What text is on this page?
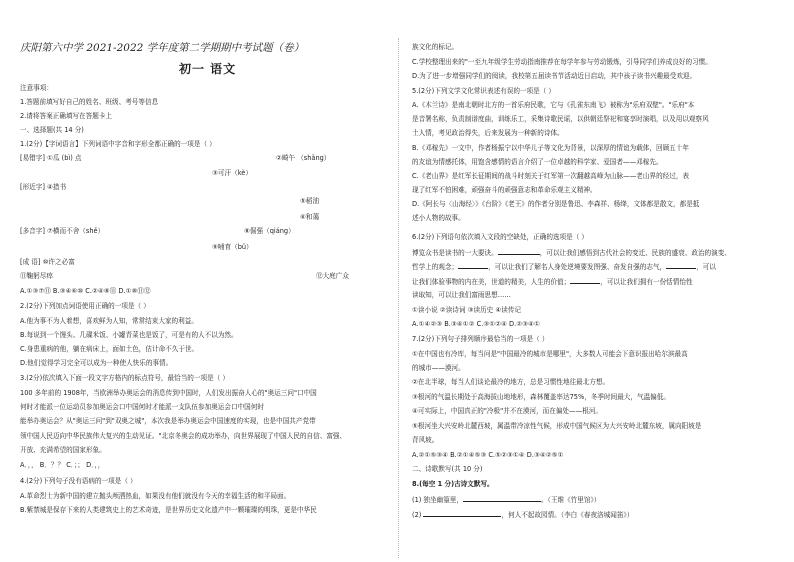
庆阳第六中学 2021-2022 学年度第二学期期中考试题（卷）
初一 语文
注意事项：
1.答题前填写好自己的姓名、班级、考号等信息
2.请将答案正确填写在答题卡上
一、选择题(共 14 分)
1.(2分)【字词语言】下列词语中字音和字形全都正确的一项是（ ）
[易错字] ①瓜 ⁠(bì) 点	②畸午 （shǎng）
③可汗（kè）
[形近字] ④措书
⑤稻油
⑥和蔼
[多音字] ⑦横而不舍（shě）	⑧倔强（qiáng）
⑨哺育（bǔ）
[成 语] ⑩许之必富
⑪鞠躬尽瘁	⑫大庭广众
A.①③⑦⑪ B.③④⑥⑩ C.②④⑧⑪ D.①⑧⑪⑫
2.(2分)下列加点词语使用正确的一项是（ ）
A.他为事不为人着想，喜欢鲜为人知，常常结束大家的利益。
B.每说到一个馒头、几碟米饭、小罐青菜也是饭了，可是有的人不以为然。
C.身患重病的他，躺在病床上，面如土色，估计命不久于世。
D.他们觉得学习完全可以成为一种使人快乐的事情。
3.(2分)依次填入下面一段文字方格内的标点符号，最恰当的一项是（ ）
100 多年前的 1908年，当欧洲举办奥运会的消息传到中国时，人们发出振奋人心的"奥运三问"口中国
何时才能派一位运动员参加奥运会口中国何时才能派一支队伍参加奥运会口中国何时
能举办奥运会？从"奥运三问"到"双奥之城"，本次我是举办奥运会中国速度的实现，也是中国共产党带
领中国人民迈向中华民族伟大复兴的生动见证。"北京冬奥会的成功举办，向世界展现了中国人民的自信、富强、
开放、充满希望的国家形象。
A．，， B．？？ C．；； D．，，
4.(2分)下列句子没有语病的一项是（ ）
A.革命烈士为新中国的建立抛头颅洒热血，如果没有他们就没有今天的幸福生活的和平局面。
B.紫禁城是保存下来的人类建筑史上的艺术奇迹，是世界历史文化遗产中一颗璀璨的明珠，更是中华民
族文化的标记。
C.学校整理出来的"一至九年级学生劳动指南推荐在每学年参与劳动锻炼，引导同学们养成良好的习惯。
D.为了进一步增强同学们的阅读，我校第五届读书节活动近日启动，其中孩子读书兴趣最受欢迎。
5.(2分)下列文学文化常识表述有误的一项是（ ）
A.《木兰诗》是南北朝时北方的一首乐府民歌，它与《孔雀东南飞》被称为"乐府双壁"。"乐府"本
是音署名称，负责制谱度曲，训练乐工，采集诗歌民谣，以供朝廷祭祀和宴享时演唱，以及用以观察风
土人情，考见政治得失，后来发展为一种新的诗体。
B.《邓稼先》一文中，作者杨振宁以中华儿子等文化为背景，以深厚的情谊为载体，回顾五十年
的友谊为情感托体，用饱含感情的语言介绍了一位卓越的科学家、爱国者——邓稼先。
C.《老山界》是红军长征期间的战斗时刻关于红军第一次翻越高峰为山脉——老山界的经过，表
现了红军不怕困难，顽强奋斗的顽强意志和革命乐观主义精神。
D.《阿长与〈山海经〉》《台阶》《老王》的作者分别是鲁迅、李森祥、杨绛，文体都是散文，都是抵
述小人物的故事。
6.(2分)下列语句依次填入文段的空缺处，正确的选项是（ ）
博览众书是读书的一大要诀。	，可以让我们感悟到古代社会的变迁、民族的盛衰、政治的演变、
哲学上的观念；	，可以让我们了解名人身处逆境要发图强、奋发自强的志气，	，可以
让我们体验事物的内在美，世道的精美，人生的价值；	，可以让我们拥有一份恬情怡性
读取知，可以让我们富雨思想……
①读小说 ②读诗词 ③读历史 ④读传记
A.①④②③ B.③④①② C.③①②④ D.②③④①
7.(2分)下列句子排列顺序最恰当的一项是（ ）
①在中国也有冷库，每当问是"中国最冷的城市是哪里"，大多数人可能会下意识报出哈尔滨最高
的城市——漠河。
②在北半球，每当人们谈论最冷的地方，总是习惯性地往最北方想。
③根河的气温长期处于高海拔山地地形，森林覆盖率达75%，冬季时间最大，气温偏低。
④可实际上，中国真正的"冷极"并不在漠河，而在偏处——根河。
⑤根河坐大兴安岭北麓西坡，属温带冷凉性气候，形成中国气候区为大兴安岭北麓东坡，属向阳坡是
背风坡。
A.②①⑤③④ B.②①④⑤③ C.⑤②③①④ D.③④②⑤①
二、诗歌默写(共 10 分)
8.(每空 1 分)古诗文默写。
(1) 独坐幽篁里，	。（王维《竹里馆》）
(2)	，何人不起故园情。（李白《春夜洛城闻笛》）
